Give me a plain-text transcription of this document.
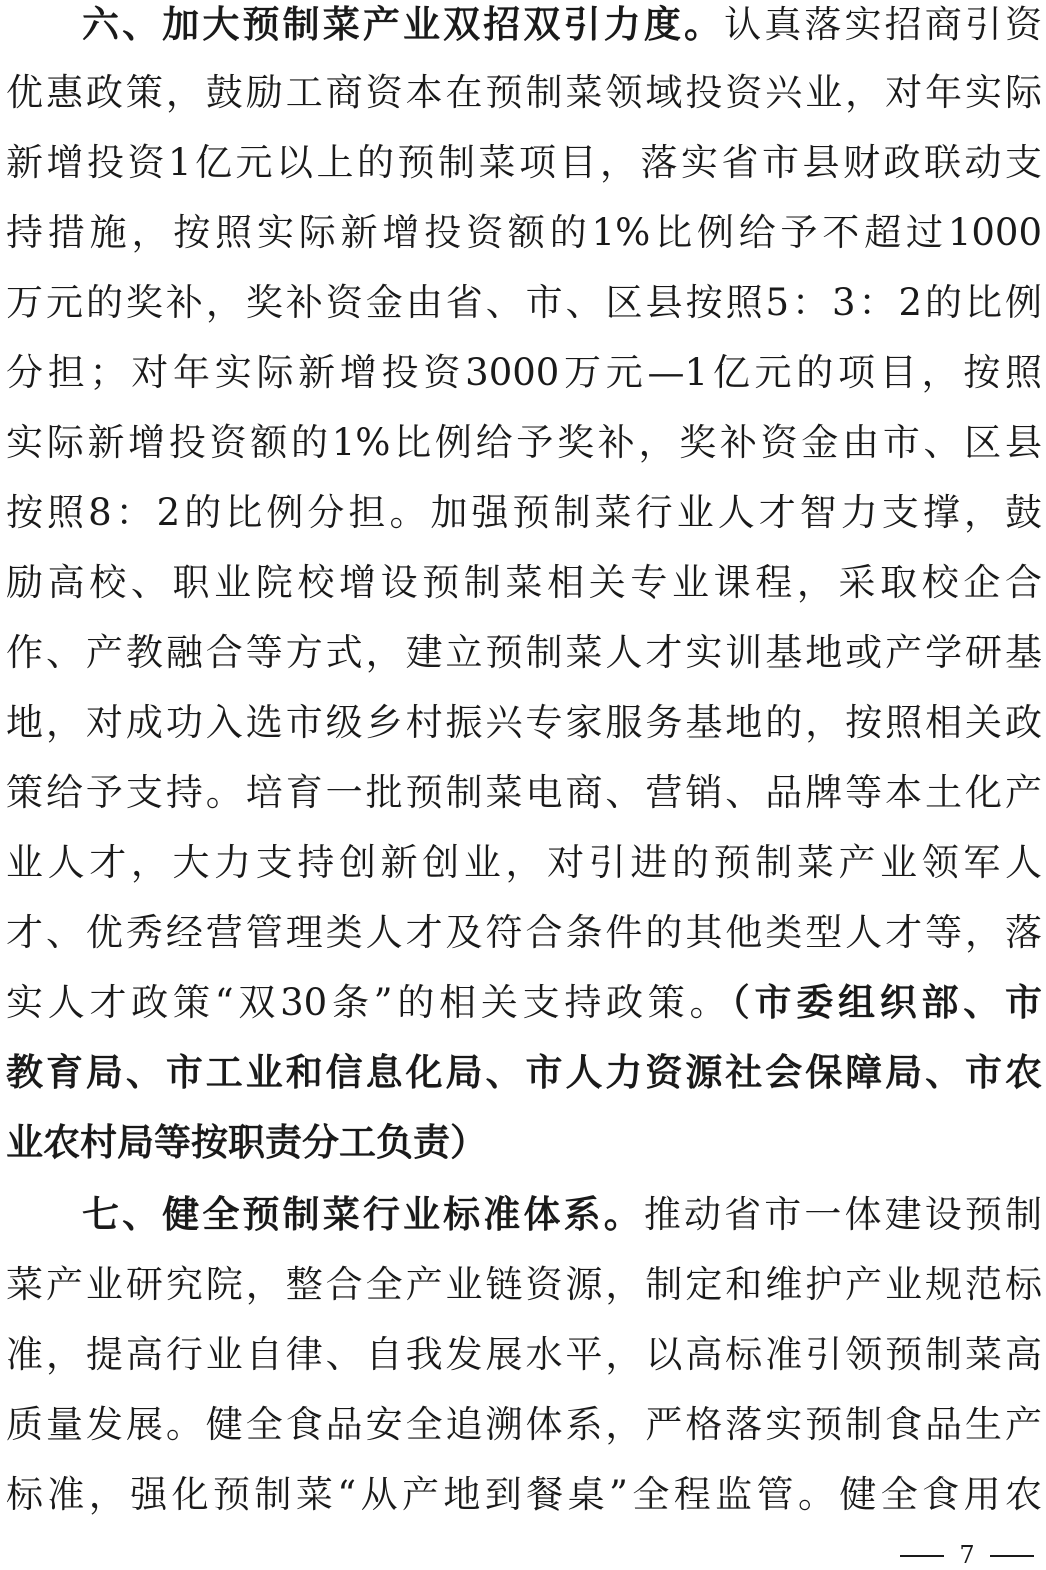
六、加大预制菜产业双招双引力度。认真落实招商引资
优惠政策，鼓励工商资本在预制菜领域投资兴业，对年实际
新增投资1亿元以上的预制菜项目，落实省市县财政联动支
持措施，按照实际新增投资额的1%比例给予不超过1000
万元的奖补，奖补资金由省、市、区县按照5：3：2的比例
分担；对年实际新增投资3000万元—1亿元的项目，按照
实际新增投资额的1%比例给予奖补，奖补资金由市、区县
按照8：2的比例分担。加强预制菜行业人才智力支撑，鼓
励高校、职业院校增设预制菜相关专业课程，采取校企合
作、产教融合等方式，建立预制菜人才实训基地或产学研基
地，对成功入选市级乡村振兴专家服务基地的，按照相关政
策给予支持。培育一批预制菜电商、营销、品牌等本土化产
业人才，大力支持创新创业，对引进的预制菜产业领军人
才、优秀经营管理类人才及符合条件的其他类型人才等，落
实人才政策“双30条”的相关支持政策。（市委组织部、市
教育局、市工业和信息化局、市人力资源社会保障局、市农
业农村局等按职责分工负责）
七、健全预制菜行业标准体系。推动省市一体建设预制
菜产业研究院，整合全产业链资源，制定和维护产业规范标
准，提高行业自律、自我发展水平，以高标准引领预制菜高
质量发展。健全食品安全追溯体系，严格落实预制食品生产
标准，强化预制菜“从产地到餐桌”全程监管。健全食用农
7
